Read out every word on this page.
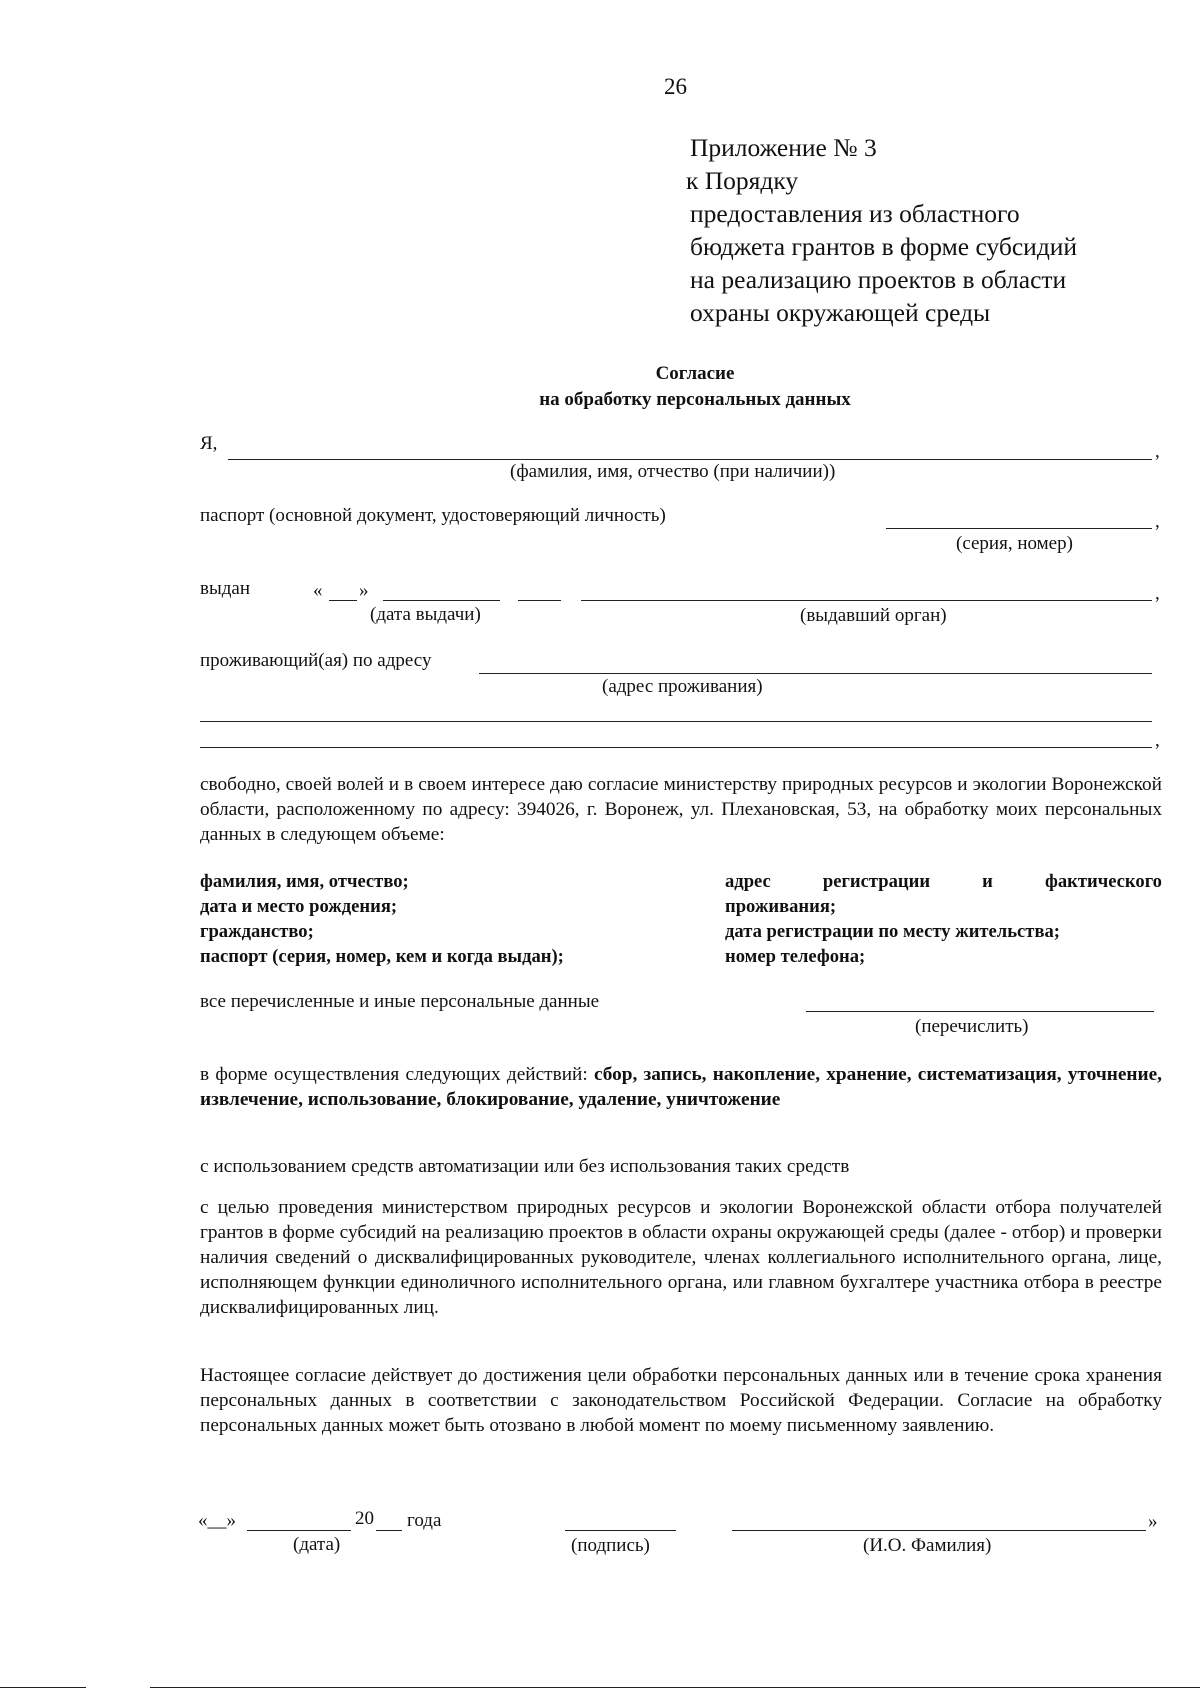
26
Приложение № 3
к Порядку
предоставления из областного
бюджета грантов в форме субсидий
на реализацию проектов в области
охраны окружающей среды
Согласие
на обработку персональных данных
Я,	,
(фамилия, имя, отчество (при наличии))
паспорт (основной документ, удостоверяющий личность)	,
(серия, номер)
выдан	« »	,
(дата выдачи)	(выдавший орган)
проживающий(ая) по адресу
(адрес проживания)
,
свободно, своей волей и в своем интересе даю согласие министерству природных ресурсов и экологии Воронежской области, расположенному по адресу: 394026, г. Воронеж, ул. Плехановская, 53, на обработку моих персональных данных в следующем объеме:
фамилия, имя, отчество;
дата и место рождения;
гражданство;
паспорт (серия, номер, кем и когда выдан);
адрес	регистрации	и	фактического
проживания;
дата регистрации по месту жительства;
номер телефона;
все перечисленные и иные персональные данные
(перечислить)
в форме осуществления следующих действий: сбор, запись, накопление, хранение, систематизация, уточнение, извлечение, использование, блокирование, удаление, уничтожение
с использованием средств автоматизации или без использования таких средств
с целью проведения министерством природных ресурсов и экологии Воронежской области отбора получателей грантов в форме субсидий на реализацию проектов в области охраны окружающей среды (далее - отбор) и проверки наличия сведений о дисквалифицированных руководителе, членах коллегиального исполнительного органа, лице, исполняющем функции единоличного исполнительного органа, или главном бухгалтере участника отбора в реестре дисквалифицированных лиц.
Настоящее согласие действует до достижения цели обработки персональных данных или в течение срока хранения персональных данных в соответствии с законодательством Российской Федерации. Согласие на обработку персональных данных может быть отозвано в любой момент по моему письменному заявлению.
«__»	20 года
(дата)	(подпись)
»
(И.О. Фамилия)
